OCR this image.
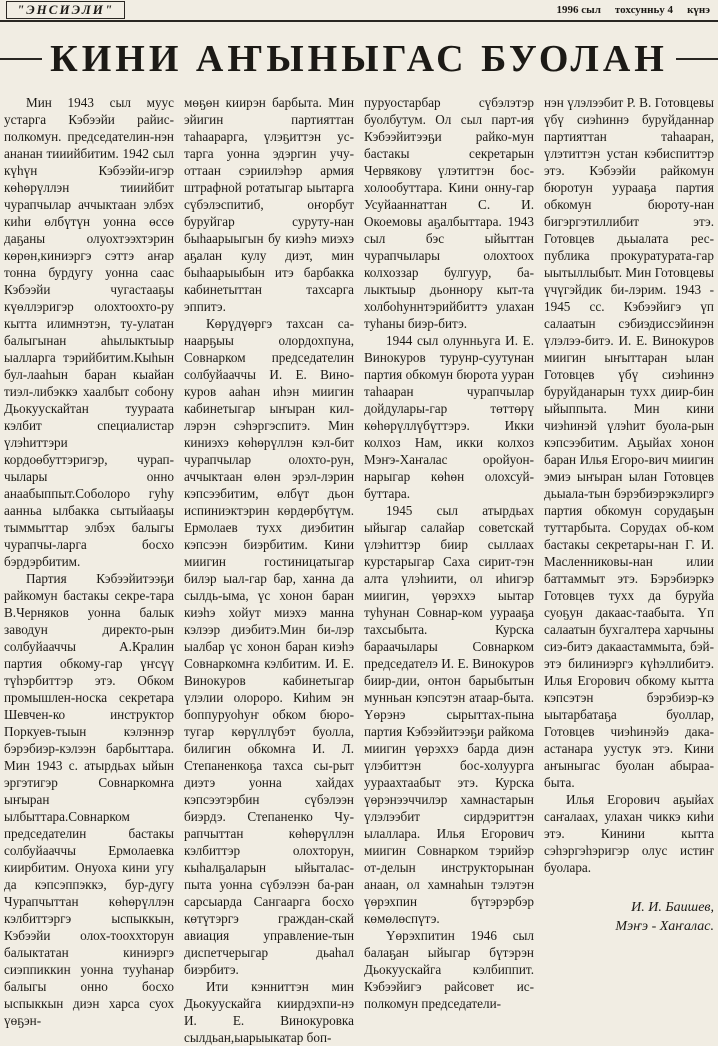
"ЭНСИЭЛИ"	1996 сыл тохсунньу 4 күнэ
КИНИ АҤЫНЫГАС БУОЛАН

Мин 1943 сыл муус устарга Кэбээйи райис-полкомун. председателин-нэн ананан тииийбитим. 1942 сыл күһүн Кэбээйи-игэр көһөрүллэн тииийбит чурапчылар аччыктаан элбэх киһи өлбүтүн уонна өссө даҕаны олуохтээхтэрин көрөн,киниэргэ сэттэ аҥар тонна бурдугу уонна саас Кэбээйи чугастааҕы күөллэригэр олохтоохто-ру кытта илимнэтэн, ту-улатан балыгынан аһылыктыыр ыалларга тэрийбитим.Кыһын бул-лааһын баран кыайан тиэл-либэккэ хаалбыт собону Дьокуускайтан туураата кэлбит специалистар үлэһиттэри кордоөбуттэригэр, чурап-чылары онно анаабыппыт.Соболоро гуһу аанньа ылбакка сытыйааҕы тыммыттар элбэх балыгы чурапчы-ларга босхо бэрдэрбитим.

Партия Кэбээйитээҕи райкомун бастакы секре-тара В.Черняков уонна балык заводун директо-рын солбуйааччы А.Кралин партия обкому-гар үҥсүү түһэрбиттэр этэ. Обком промышлен-носка секретара Шевчен-ко инструктор Поркуев-тыын кэлэннэр бэрэбиэр-кэлээн барбыттара. Мин 1943 с. атырдьах ыйын эргэтигэр Совнаркомҥа ыҥыран ылбыттара.Совнарком председателин бастакы солбуйааччы Ермолаевка киирбитим. Онуоха кини угу да кэпсэппэккэ, бур-дугу Чурапчыттан көһөрүллэн кэлбиттэргэ ыспыккын, Кэбээйи олох-тооххторун балыктатан киниэргэ сиэппиккин уонна тууһанар балыгы онно босхо ыспыккын диэн харса суох үөҕэн-

мөҕөн киирэн барбыта. Мин эйигин партияттан таһаарарга, үлэҕиттэн ус-тарга уонна эдэргин учу-оттаан сэриилэһэр армия штрафной ротатыгар ыытарга сүбэлэспитиб, оҥорбут буруйгар суруту-нан быһаарыыгын бу киэһэ миэхэ аҕалан кулу диэт, мин быһаарыыбын итэ барбакка кабинетыттан тахсарга эппитэ.

Көрүдүөргэ тахсан са-наарҕыы олордохпуна, Совнарком председателин солбуйааччы И. Е. Вино-куров ааһан иһэн миигин кабинетыгар ыҥыран кил-лэрэн сэһэргэспитэ. Мин киниэхэ көһөрүллэн кэл-бит чурапчылар олохто-рун, аччыктаан өлөн эрэл-лэрин кэпсээбитим, өлбүт дьон испиниэктэрин көрдөрбүтүм. Ермолаев тухх диэбитин кэпсээн биэрбитим. Кини миигин гостиницатыгар билэр ыал-гар бар, ханна да сылдь-ыма, үс хонон баран киэһэ хойут миэхэ манна кэлээр диэбитэ.Мин би-лэр ыалбар үс хонон баран киэһэ Совнаркомҥа кэлбитим. И. Е. Винокуров кабинетыгар үлэлии олороро. Киһим эн боппуруоһуҥ обком бюро-тугар көрүллүбэт буолла, билигин обкомҥа И. Л. Степаненкоҕа тахса сы-рыт диэтэ уонна хайдах кэпсээтэрбин сүбэлээн биэрдэ. Степаненко Чу-рапчыттан көһөрүллэн кэлбиттэр олохторун, кыһалҕаларын ыйыталас-пыта уонна сүбэлээн ба-ран сарсыарда Сангаарга босхо көтүтэргэ граждан-скай авиация управление-тын диспетчерыгар дьаһал биэрбитэ.

Ити кэнниттэн мин Дьокуускайга киирдэхпи-нэ И. Е. Винокуровка сылдьан,ыарыыкатар боп-

пуруостарбар сүбэлэтэр буолбутум. Ол сыл парт-ия Кэбээйитээҕи райко-мун бастакы секретарын Червякову үлэтиттэн бос-холообуттара. Кини онну-гар Усуйааннаттан С. И. Окоемовы аҕалбыттара. 1943 сыл бэс ыйыттан чурапчылары олохтоох колхоззар булгуур, ба-лыктыыр дьоннору кыт-та холбоһуннтэрийбиттэ улахан туһаны биэр-битэ.

1944 сыл олунньуга И. Е. Винокуров турунр-суутунан партия обкомун бюрота ууран таһааран чурапчылар дойдулары-гар төттөрү көһөрүллүбүттэрэ. Икки колхоз Нам, икки колхоз Мэҥэ-Хаҥалас оройуон-нарыгар көһөн олохсуй-буттара.

1945 сыл атырдьах ыйыгар салайар советскай үлэһиттэр биир сыллаах курстарыгар Саха сирит-тэн алта үлэһиити, ол иһигэр миигин, үөрэххэ ыытар туһунан Совнар-ком уурааҕа тахсыбыта. Курска бараачылары Совнарком председателэ И. Е. Винокуров биир-дии, онтон барыбытын мунньан кэпсэтэн атаар-быта. Үөрэнэ сырыттах-пына партия Кэбээйитээҕи райкома миигин үөрэххэ барда диэн үлэбиттэн бос-холуурга уураахтаабыт этэ. Курска үөрэнээччилэр хамнастарын үлэлээбит сирдэриттэн ылаллара. Илья Егорович миигин Совнарком тэрийэр от-делын инструкторынан анаан, ол хамнаһын тэлэтэн үөрэхпин бүтэрэрбэр көмөлөспүтэ.

Үөрэхпитин 1946 сыл балаҕан ыйыгар бүтэрэн Дьокуускайга кэлбиппит. Кэбээйигэ райсовет ис-полкомун председатели-

нэн үлэлээбит Р. В. Готовцевы үбү сиэһиннэ буруйданнар партияттан таһааран, үлэтиттэн устан кэбиспиттэр этэ. Кэбээйи райкомун бюротун уурааҕа партия обкомун бюроту-нан бигэргэтиллибит этэ. Готовцев дьыалата рес-публика прокуратурата-гар ыытыллыбыт. Мин Готовцевы үчүгэйдик би-лэрим. 1943 - 1945 сс. Кэбээйигэ үп салаатын сэбиэдиссэйинэн үлэлээ-битэ. И. Е. Винокуров миигин ыҥыттаран ылан Готовцев үбү сиэһиннэ буруйданарын тухх диир-бин ыйыппыта. Мин кини чиэһинэй үлэһит буола-рын кэпсээбитим. Аҕыйах хонон баран Илья Егоро-вич миигин эмиэ ыҥыран ылан Готовцев дьыала-тын бэрэбиэрэкэлиргэ партия обкомун сорудаҕын туттарбыта. Сорудах об-ком бастакы секретары-нан Г. И. Масленниковы-нан илии баттаммыт этэ. Бэрэбиэркэ Готовцев тухх да буруйа суоҕун дакаас-таабыта. Үп салаатын бухгалтера харчыны сиэ-битэ дакаастаммыта, бэй-этэ билиниэргэ күһэллибитэ. Илья Егорович обкому кытта кэпсэтэн бэрэбиэр-кэ ыытарбатаҕа буоллар, Готовцев чиэһинэйэ дака-астанара уустук этэ. Кини аҥыныгас буолан абыраа-быта.

Илья Егорович аҕыйах саҥалаах, улахан чиккэ киһи этэ. Кинини кытта сэһэргэһэригэр олус истиҥ буолара.

И. И. Баишев,
Мэҥэ - Хаҥалас.
